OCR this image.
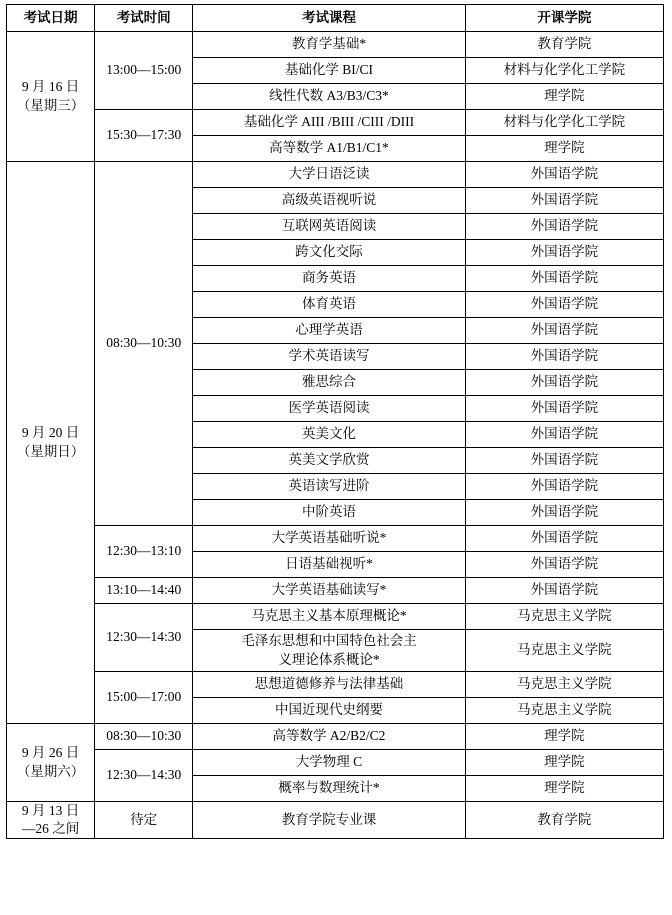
考试日期	考试时间	考试课程	开课学院

9 月 16 日
（星期三）	13:00—15:00	教育学基础*	教育学院
		基础化学 BI/CI	材料与化学化工学院
		线性代数 A3/B3/C3*	理学院
	15:30—17:30	基础化学 AIII /BIII /CIII /DIII	材料与化学化工学院
		高等数学 A1/B1/C1*	理学院

9 月 20 日
（星期日）	08:30—10:30	大学日语泛读	外国语学院
		高级英语视听说	外国语学院
		互联网英语阅读	外国语学院
		跨文化交际	外国语学院
		商务英语	外国语学院
		体育英语	外国语学院
		心理学英语	外国语学院
		学术英语读写	外国语学院
		雅思综合	外国语学院
		医学英语阅读	外国语学院
		英美文化	外国语学院
		英美文学欣赏	外国语学院
		英语读写进阶	外国语学院
		中阶英语	外国语学院
	12:30—13:10	大学英语基础听说*	外国语学院
		日语基础视听*	外国语学院
	13:10—14:40	大学英语基础读写*	外国语学院
	12:30—14:30	马克思主义基本原理概论*	马克思主义学院

		毛泽东思想和中国特色社会主
义理论体系概论*	马克思主义学院
	15:00—17:00	思想道德修养与法律基础	马克思主义学院
		中国近现代史纲要	马克思主义学院

9 月 26 日
（星期六）	08:30—10:30	高等数学 A2/B2/C2	理学院
	12:30—14:30	大学物理 C	理学院
		概率与数理统计*	理学院

9 月 13 日
—26 之间	待定	教育学院专业课	教育学院
